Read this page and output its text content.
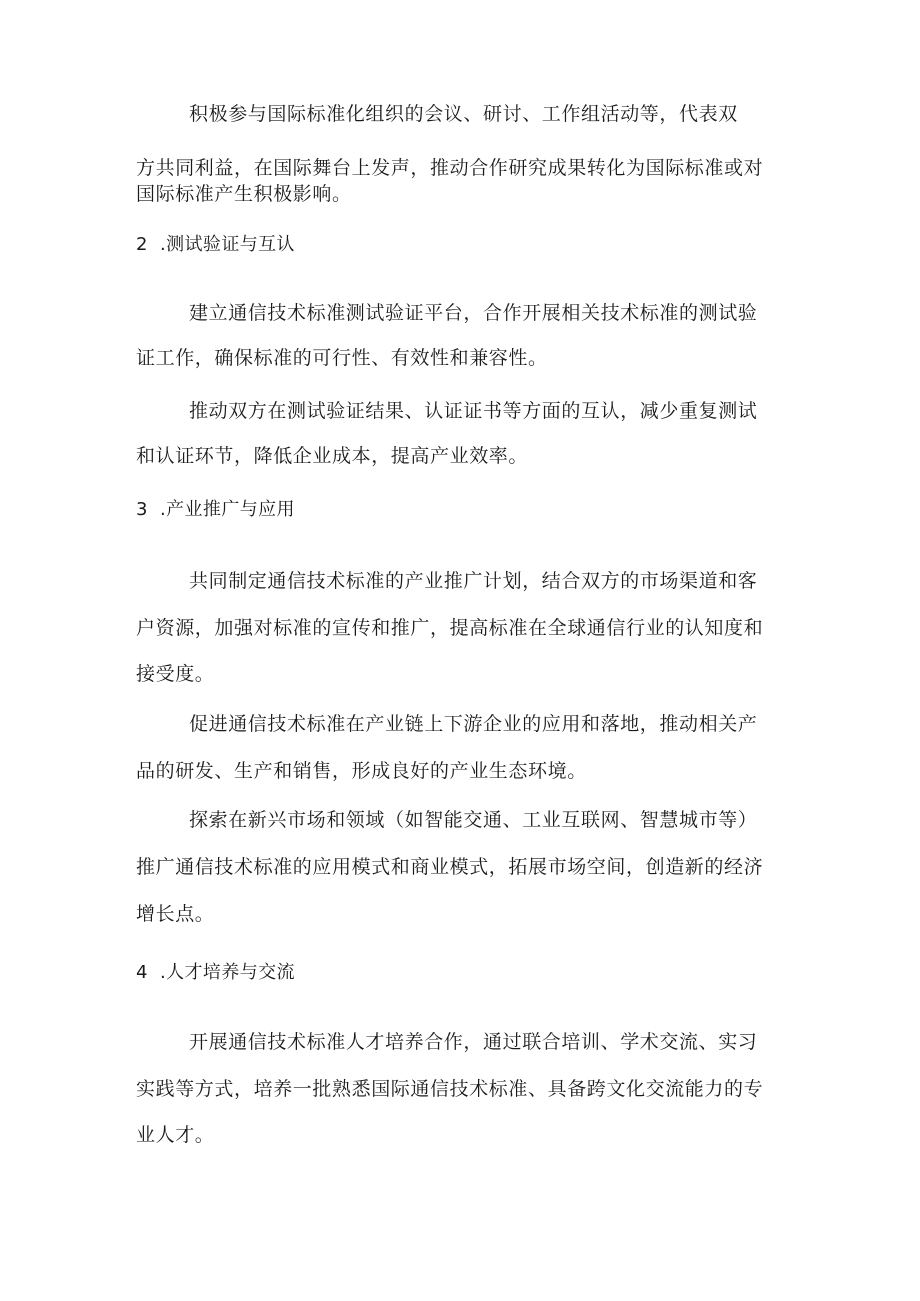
积极参与国际标准化组织的会议、研讨、工作组活动等，代表双
方共同利益，在国际舞台上发声，推动合作研究成果转化为国际标准或对
国际标准产生积极影响。
2 .测试验证与互认
建立通信技术标准测试验证平台，合作开展相关技术标准的测试验
证工作，确保标准的可行性、有效性和兼容性。
推动双方在测试验证结果、认证证书等方面的互认，减少重复测试
和认证环节，降低企业成本，提高产业效率。
3 .产业推广与应用
共同制定通信技术标准的产业推广计划，结合双方的市场渠道和客
户资源，加强对标准的宣传和推广，提高标准在全球通信行业的认知度和
接受度。
促进通信技术标准在产业链上下游企业的应用和落地，推动相关产
品的研发、生产和销售，形成良好的产业生态环境。
探索在新兴市场和领域（如智能交通、工业互联网、智慧城市等）
推广通信技术标准的应用模式和商业模式，拓展市场空间，创造新的经济
增长点。
4 .人才培养与交流
开展通信技术标准人才培养合作，通过联合培训、学术交流、实习
实践等方式，培养一批熟悉国际通信技术标准、具备跨文化交流能力的专
业人才。
